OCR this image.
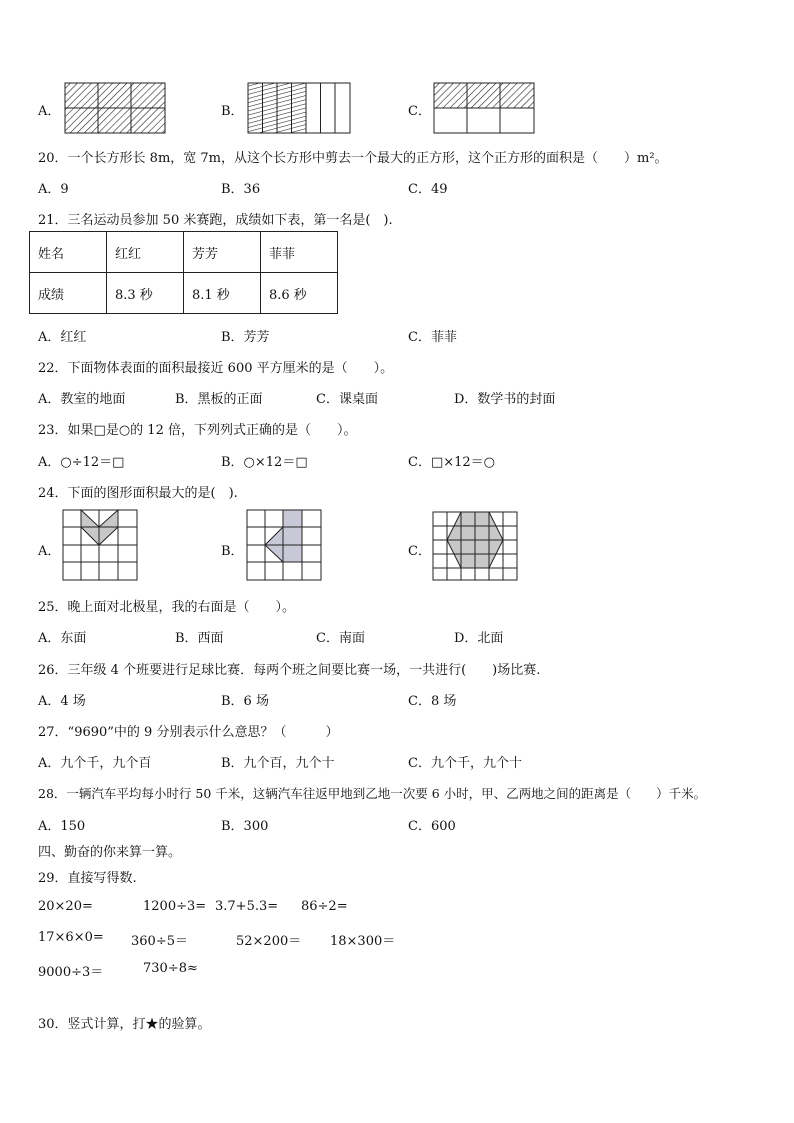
A．	B．	C．
20．一个长方形长 8m，宽 7m，从这个长方形中剪去一个最大的正方形，这个正方形的面积是（　　）m²。
A．9	B．36	C．49
21．三名运动员参加 50 米赛跑，成绩如下表，第一名是(　).
姓名	红红	芳芳	菲菲
成绩	8.3 秒	8.1 秒	8.6 秒
A．红红	B．芳芳	C．菲菲
22．下面物体表面的面积最接近 600 平方厘米的是（　　）。
A．教室的地面	B．黑板的正面	C．课桌面	D．数学书的封面
23．如果□是○的 12 倍，下列列式正确的是（　　）。
A．○÷12＝□	B．○×12＝□	C．□×12＝○
24．下面的图形面积最大的是(　).
A．	B．	C．
25．晚上面对北极星，我的右面是（　　）。
A．东面	B．西面	C．南面	D．北面
26．三年级 4 个班要进行足球比赛．每两个班之间要比赛一场，一共进行(　　)场比赛.
A．4 场	B．6 场	C．8 场
27．“9690”中的 9 分别表示什么意思？（　　　）
A．九个千，九个百	B．九个百，九个十	C．九个千，九个十
28．一辆汽车平均每小时行 50 千米，这辆汽车往返甲地到乙地一次要 6 小时，甲、乙两地之间的距离是（　　）千米。
A．150	B．300	C．600
四、勤奋的你来算一算。
29．直接写得数.
20×20=	1200÷3= 3.7+5.3= 86÷2=
17×6×0= 360÷5＝	52×200＝ 18×300＝
9000÷3＝	730÷8≈
30．竖式计算，打★的验算。
